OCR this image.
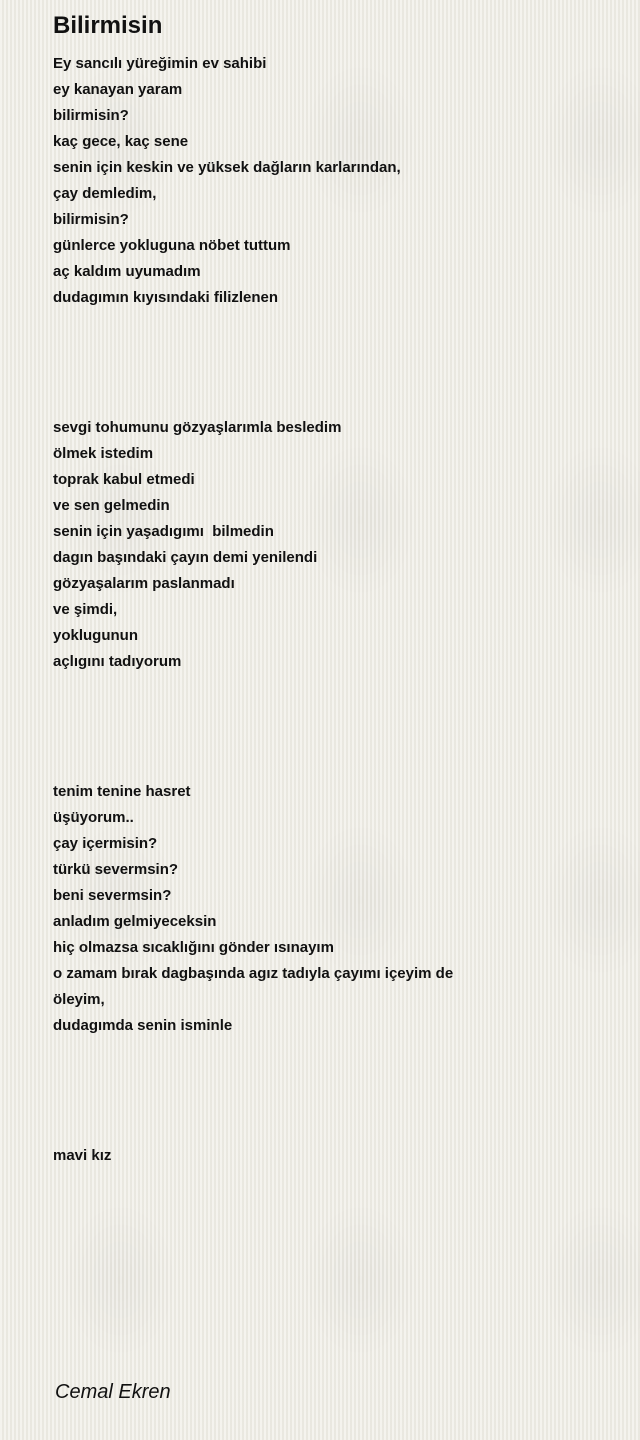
Bilirmisin
Ey sancılı yüreğimin ev sahibi
ey kanayan yaram
bilirmisin?
kaç gece, kaç sene
senin için keskin ve yüksek dağların karlarından,
çay demledim,
bilirmisin?
günlerce yokluguna nöbet tuttum
aç kaldım uyumadım
dudagımın kıyısındaki filizlenen
sevgi tohumunu gözyaşlarımla besledim
ölmek istedim
toprak kabul etmedi
ve sen gelmedin
senin için yaşadıgımı  bilmedin
dagın başındaki çayın demi yenilendi
gözyaşalarım paslanmadı
ve şimdi,
yoklugunun
açlıgını tadıyorum
tenim tenine hasret
üşüyorum..
çay içermisin?
türkü severmsin?
beni severmsin?
anladım gelmiyeceksin
hiç olmazsa sıcaklığını gönder ısınayım
o zamam bırak dagbaşında agız tadıyla çayımı içeyim de
öleyim,
dudagımda senin isminle
mavi kız

Cemal Ekren
